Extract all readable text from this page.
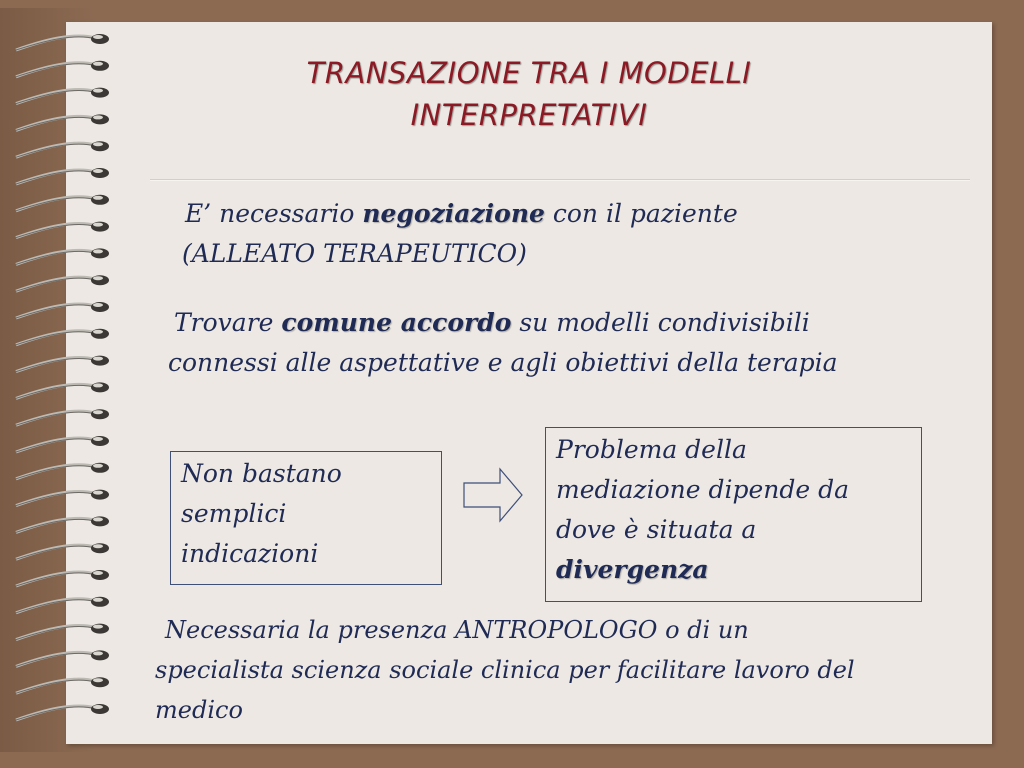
TRANSAZIONE TRA I MODELLI
INTERPRETATIVI
E’ necessario negoziazione con il paziente
(ALLEATO TERAPEUTICO)
Trovare comune accordo su modelli condivisibili
connessi alle aspettative e agli obiettivi della terapia
Non bastano
semplici
indicazioni
Problema della
mediazione dipende da
dove è situata a
divergenza
Necessaria la presenza ANTROPOLOGO o di un
specialista scienza sociale clinica per facilitare lavoro del
medico
